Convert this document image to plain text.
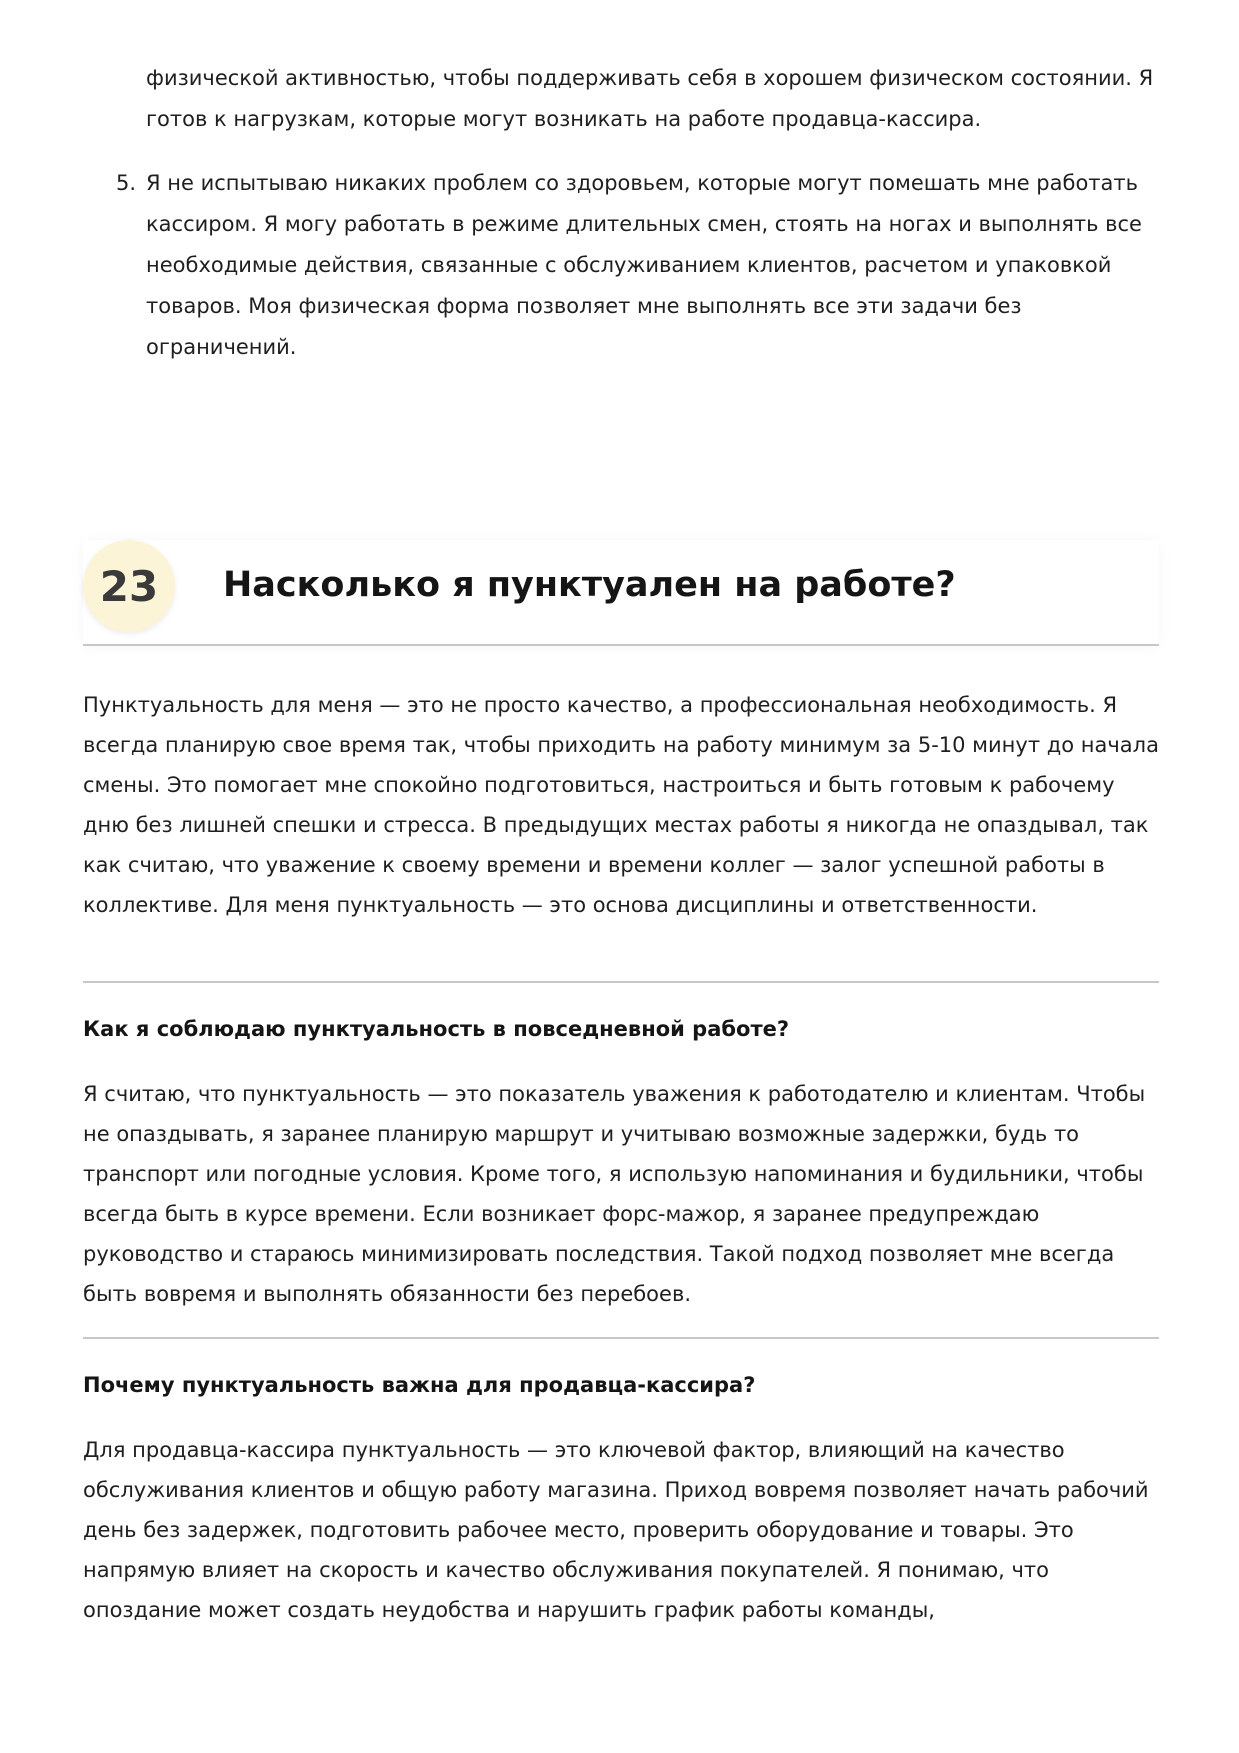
физической активностью, чтобы поддерживать себя в хорошем физическом состоянии. Я готов к нагрузкам, которые могут возникать на работе продавца-кассира.
5. Я не испытываю никаких проблем со здоровьем, которые могут помешать мне работать кассиром. Я могу работать в режиме длительных смен, стоять на ногах и выполнять все необходимые действия, связанные с обслуживанием клиентов, расчетом и упаковкой товаров. Моя физическая форма позволяет мне выполнять все эти задачи без ограничений.
23	Насколько я пунктуален на работе?

Пунктуальность для меня — это не просто качество, а профессиональная необходимость. Я всегда планирую свое время так, чтобы приходить на работу минимум за 5-10 минут до начала смены. Это помогает мне спокойно подготовиться, настроиться и быть готовым к рабочему дню без лишней спешки и стресса. В предыдущих местах работы я никогда не опаздывал, так как считаю, что уважение к своему времени и времени коллег — залог успешной работы в коллективе. Для меня пунктуальность — это основа дисциплины и ответственности.

Как я соблюдаю пунктуальность в повседневной работе?

Я считаю, что пунктуальность — это показатель уважения к работодателю и клиентам. Чтобы не опаздывать, я заранее планирую маршрут и учитываю возможные задержки, будь то транспорт или погодные условия. Кроме того, я использую напоминания и будильники, чтобы всегда быть в курсе времени. Если возникает форс-мажор, я заранее предупреждаю руководство и стараюсь минимизировать последствия. Такой подход позволяет мне всегда быть вовремя и выполнять обязанности без перебоев.

Почему пунктуальность важна для продавца-кассира?

Для продавца-кассира пунктуальность — это ключевой фактор, влияющий на качество обслуживания клиентов и общую работу магазина. Приход вовремя позволяет начать рабочий день без задержек, подготовить рабочее место, проверить оборудование и товары. Это напрямую влияет на скорость и качество обслуживания покупателей. Я понимаю, что опоздание может создать неудобства и нарушить график работы команды,
